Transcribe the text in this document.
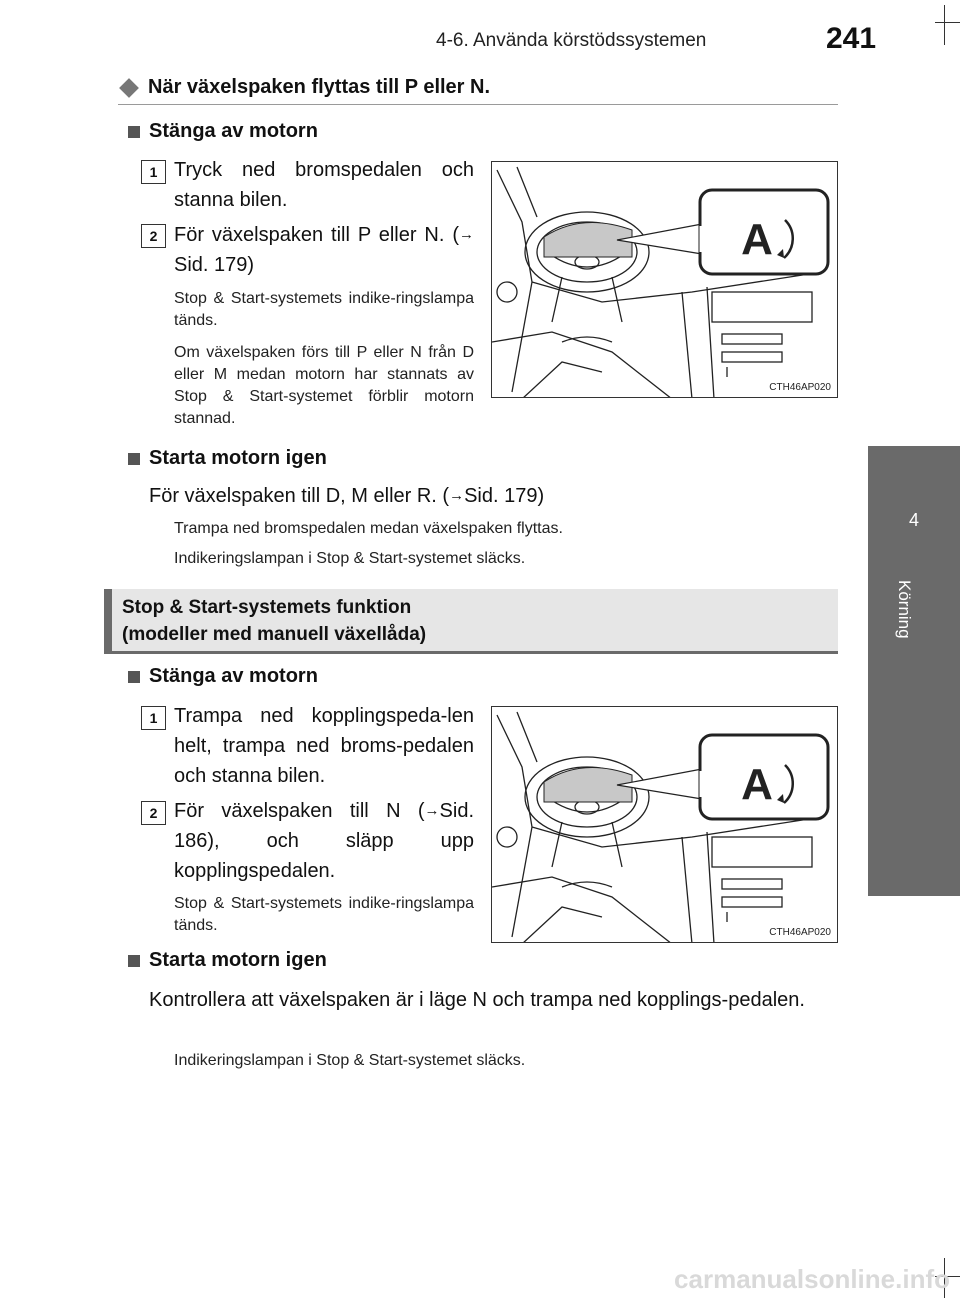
4-6. Använda körstödssystemen	241
4
Körning
När växelspaken flyttas till P eller N.
Stänga av motorn
1 Tryck ned bromspedalen och stanna bilen.
2 För växelspaken till P eller N. (→Sid. 179)
Stop & Start-systemets indike-ringslampa tänds.
Om växelspaken förs till P eller N från D eller M medan motorn har stannats av Stop & Start-systemet förblir motorn stannad.
A
CTH46AP020
Starta motorn igen
För växelspaken till D, M eller R. (→Sid. 179)
Trampa ned bromspedalen medan växelspaken flyttas.
Indikeringslampan i Stop & Start-systemet släcks.
Stop & Start-systemets funktion
(modeller med manuell växellåda)
Stänga av motorn
1 Trampa ned kopplingspeda-len helt, trampa ned broms-pedalen och stanna bilen.
2 För växelspaken till N (→Sid. 186), och släpp upp kopplingspedalen.
Stop & Start-systemets indike-ringslampa tänds.
A
CTH46AP020
Starta motorn igen
Kontrollera att växelspaken är i läge N och trampa ned kopplings-pedalen.
Indikeringslampan i Stop & Start-systemet släcks.
carmanualsonline.info
